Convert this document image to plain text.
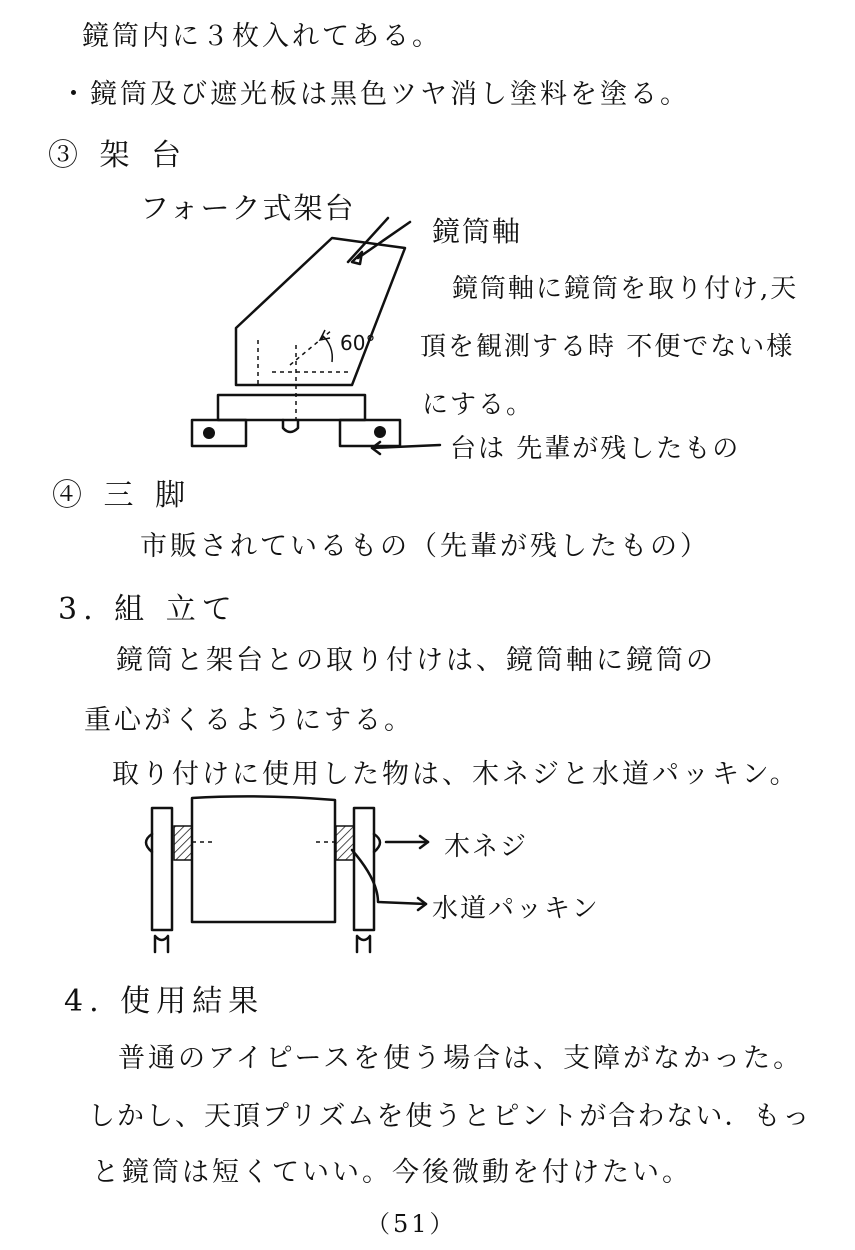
鏡筒内に３枚入れてある。
・鏡筒及び遮光板は黒色ツヤ消し塗料を塗る。
③ 架 台
フォーク式架台
鏡筒軸
鏡筒軸に鏡筒を取り付け,天
頂を観測する時 不便でない様
にする。
台は 先輩が残したもの
60°
④ 三 脚
市販されているもの（先輩が残したもの）
3. 組 立て
鏡筒と架台との取り付けは、鏡筒軸に鏡筒の
重心がくるようにする。
取り付けに使用した物は、木ネジと水道パッキン。
木ネジ
水道パッキン
4. 使用結果
普通のアイピースを使う場合は、支障がなかった。
しかし、天頂プリズムを使うとピントが合わない．もっ
と鏡筒は短くていい。今後微動を付けたい。
（51）
